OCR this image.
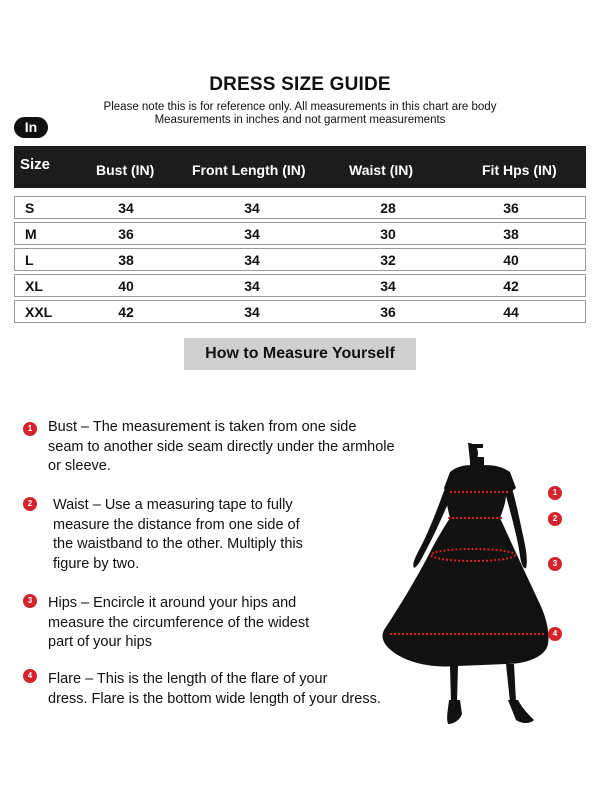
DRESS SIZE GUIDE
Please note this is for reference only. All measurements in this chart are body
Measurements in inches and not garment measurements
In
Size	Bust (IN)	Front Length (IN)	Waist (IN)	Fit Hps (IN)
S	34	34	28	36
M	36	34	30	38
L	38	34	32	40
XL	40	34	34	42
XXL	42	34	36	44
How to Measure Yourself
1	Bust – The measurement is taken from one side
seam to another side seam directly under the armhole
or sleeve.
2	Waist – Use a measuring tape to fully
measure the distance from one side of
the waistband to the other. Multiply this
figure by two.
3	Hips – Encircle it around your hips and
measure the circumference of the widest
part of your hips
4	Flare – This is the length of the flare of your
dress. Flare is the bottom wide length of your dress.
1
2
3
4
